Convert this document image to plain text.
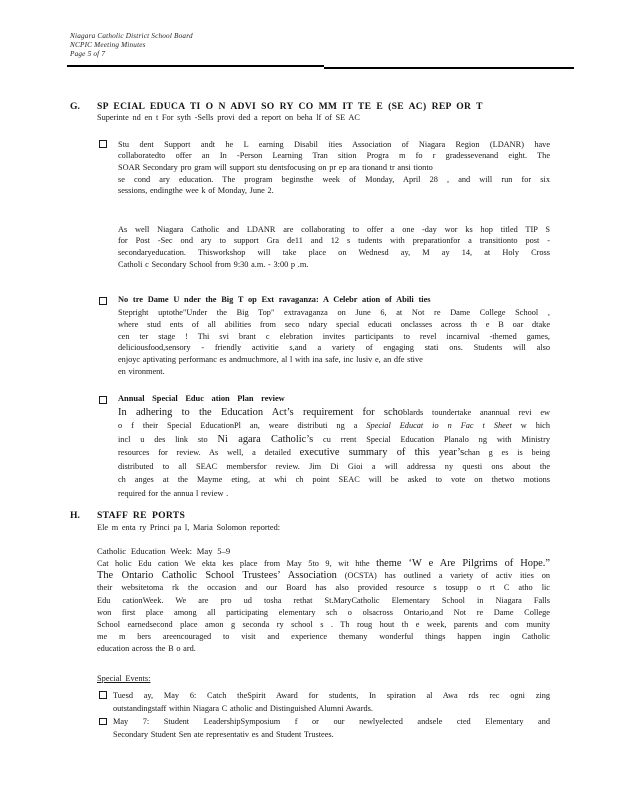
Niagara Catholic District School Board
NCPIC Meeting Minutes
Page 5 of 7
G. SP ECIAL EDUCA TI O N ADVI SO RY CO MM IT TE E (SE AC) REP OR T
Superinte nd en t For syth -Sells provi ded a report on beha lf of SE AC
Stu dent Support andt he L earning Disabil ities Association of Niagara Region (LDANR) have
collaboratedto offer an In -Person Learning Tran sition Progra m fo r gradessevenand eight. The
SOAR Secondary pro gram will support stu dentsfocusing on pr ep ara tionand tr ansi tionto
se cond ary education. The program beginsthe week of Monday, April 28 , and will run for six
sessions, endingthe wee k of Monday, June 2.
As well Niagara Catholic and LDANR are collaborating to offer a one -day wor ks hop titled TIP S
for Post -Sec ond ary to support Gra de11 and 12 s tudents with preparationfor a transitionto post -
secondaryeducation. Thisworkshop will take place on Wednesd ay, M ay 14, at Holy Cross
Catholi c Secondary School from 9:30 a.m. - 3:00 p .m.
No tre Dame U nder the Big T op Ext ravaganza: A Celebr ation of Abili ties
Stepright uptothe"Under the Big Top" extravaganza on June 6, at Not re Dame College School ,
where stud ents of all abilities from seco ndary special educati onclasses across th e B oar dtake
cen ter stage ! Thi svi brant c elebration invites participants to revel incarnival -themed games,
deliciousfood,sensory - friendly activitie s,and a variety of engaging stati ons. Students will also
enjoyc aptivating performanc es andmuchmore, al l with ina safe, inc lusiv e, an dfe stive
en vironment.
Annual Special Educ ation Plan review
In adhering to the Education Act’s requirement for schoblards toundertake anannual revi ew
o f their Special EducationPl an, weare distributi ng a Special Educat io n Fac t Sheet w hich
incl u des link sto Ni agara Catholic’s cu rrent Special Education Planalo ng with Ministry
resources for review. As well, a detailed executive summary of this year’schan g es is being
distributed to all SEAC membersfor review. Jim Di Gioi a will addressa ny questi ons about the
ch anges at the Mayme eting, at whi ch point SEAC will be asked to vote on thetwo motions
required for the annua l review .
H. STAFF RE PORTS
Ele m enta ry Princi pa l, Maria Solomon reported:
Catholic Education Week: May 5–9
Cat holic Edu cation We ekta kes place from May 5to 9, wit hthe theme ‘W e Are Pilgrims of Hope.”
The Ontario Catholic School Trustees’ Association (OCSTA) has outlined a variety of activ ities on
their websitetoma rk the occasion and our Board has also provided resource s tosupp o rt C atho lic
Edu cationWeek. We are pro ud tosha rethat St.MaryCatholic Elementary School in Niagara Falls
won first place among all participating elementary sch o olsacross Ontario,and Not re Dame College
School earnedsecond place amon g seconda ry school s . Th roug hout th e week, parents and com munity
me m bers areencouraged to visit and experience themany wonderful things happen ingin Catholic
education across the B o ard.
Special Events:
Tuesd ay, May 6: Catch theSpirit Award for students, In spiration al Awa rds rec ogni zing
outstandingstaff within Niagara C atholic and Distinguished Alumni Awards.
May 7: Student LeadershipSymposium f or our newlyelected andsele cted Elementary and
Secondary Student Sen ate representativ es and Student Trustees.
